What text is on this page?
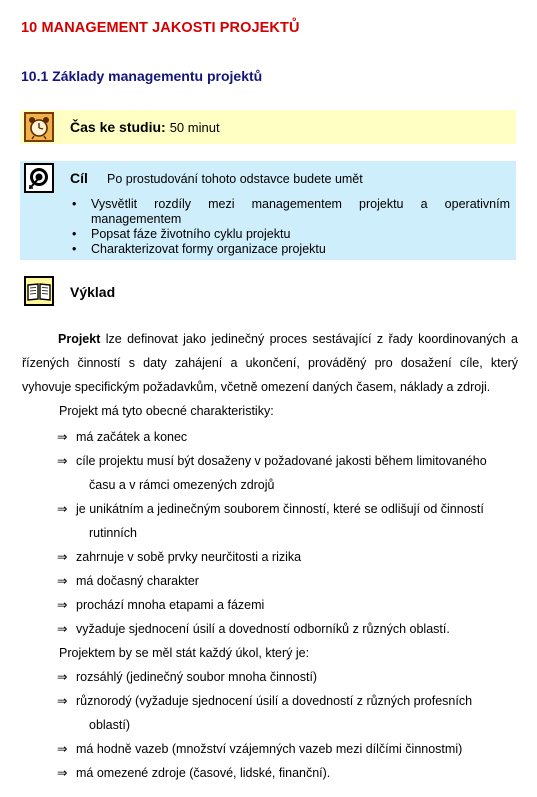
10 MANAGEMENT JAKOSTI PROJEKTŮ
10.1 Základy managementu projektů
Čas ke studiu: 50 minut
Cíl Po prostudování tohoto odstavce budete umět
• Vysvětlit rozdíly mezi managementem projektu a operativním managementem
• Popsat fáze životního cyklu projektu
• Charakterizovat formy organizace projektu
Výklad
Projekt lze definovat jako jedinečný proces sestávající z řady koordinovaných a řízených činností s daty zahájení a ukončení, prováděný pro dosažení cíle, který vyhovuje specifickým požadavkům, včetně omezení daných časem, náklady a zdroji.
Projekt má tyto obecné charakteristiky:
⇒ má začátek a konec
⇒ cíle projektu musí být dosaženy v požadované jakosti během limitovaného
času a v rámci omezených zdrojů
⇒ je unikátním a jedinečným souborem činností, které se odlišují od činností
rutinních
⇒ zahrnuje v sobě prvky neurčitosti a rizika
⇒ má dočasný charakter
⇒ prochází mnoha etapami a fázemi
⇒ vyžaduje sjednocení úsilí a dovedností odborníků z různých oblastí.
Projektem by se měl stát každý úkol, který je:
⇒ rozsáhlý (jedinečný soubor mnoha činností)
⇒ různorodý (vyžaduje sjednocení úsilí a dovedností z různých profesních
oblastí)
⇒ má hodně vazeb (množství vzájemných vazeb mezi dílčími činnostmi)
⇒ má omezené zdroje (časové, lidské, finanční).
